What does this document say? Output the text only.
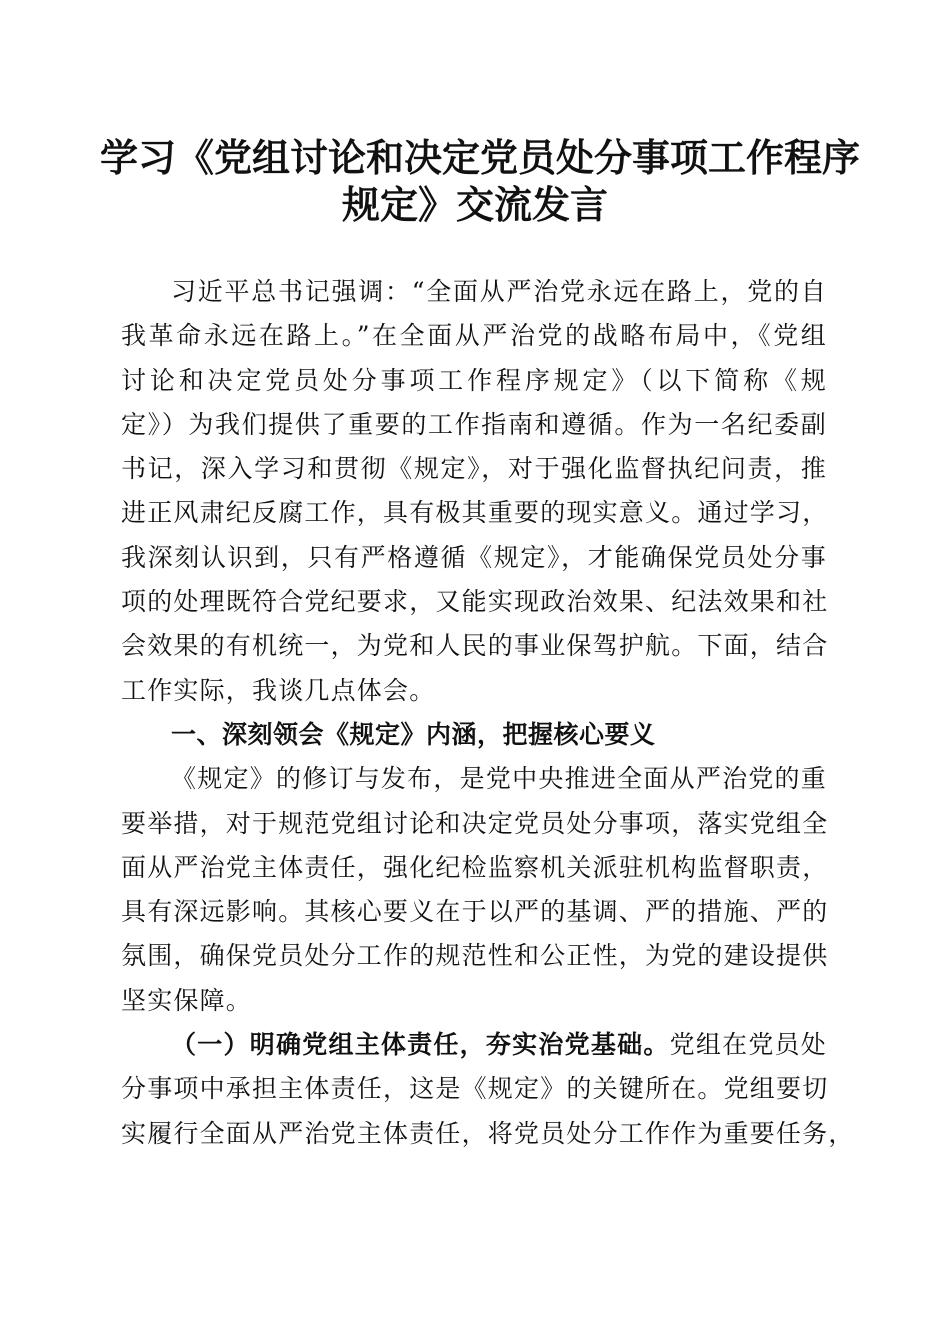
学习《党组讨论和决定党员处分事项工作程序
规定》交流发言
习近平总书记强调：“全面从严治党永远在路上，党的自
我革命永远在路上。”在全面从严治党的战略布局中，《党组
讨论和决定党员处分事项工作程序规定》（以下简称《规
定》）为我们提供了重要的工作指南和遵循。作为一名纪委副
书记，深入学习和贯彻《规定》，对于强化监督执纪问责，推
进正风肃纪反腐工作，具有极其重要的现实意义。通过学习，
我深刻认识到，只有严格遵循《规定》，才能确保党员处分事
项的处理既符合党纪要求，又能实现政治效果、纪法效果和社
会效果的有机统一，为党和人民的事业保驾护航。下面，结合
工作实际，我谈几点体会。
一、深刻领会《规定》内涵，把握核心要义
《规定》的修订与发布，是党中央推进全面从严治党的重
要举措，对于规范党组讨论和决定党员处分事项，落实党组全
面从严治党主体责任，强化纪检监察机关派驻机构监督职责，
具有深远影响。其核心要义在于以严的基调、严的措施、严的
氛围，确保党员处分工作的规范性和公正性，为党的建设提供
坚实保障。
（一）明确党组主体责任，夯实治党基础。党组在党员处
分事项中承担主体责任，这是《规定》的关键所在。党组要切
实履行全面从严治党主体责任，将党员处分工作作为重要任务，
